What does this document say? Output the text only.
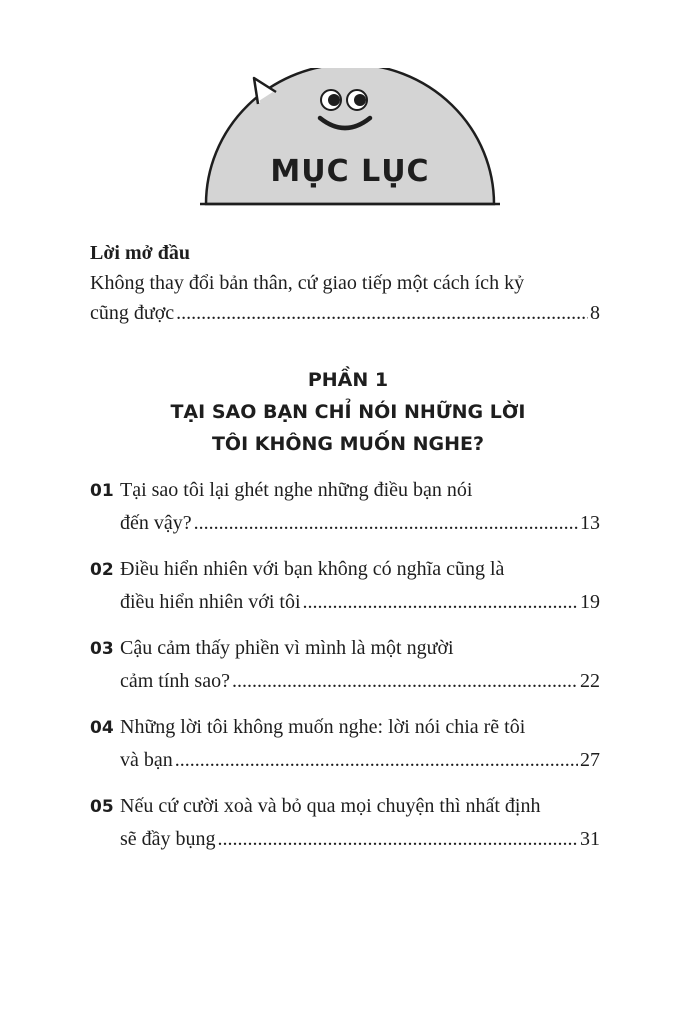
MỤC LỤC
Lời mở đầu
Không thay đổi bản thân, cứ giao tiếp một cách ích kỷ
cũng được .....	8
PHẦN 1
TẠI SAO BẠN CHỈ NÓI NHỮNG LỜI
TÔI KHÔNG MUỐN NGHE?
01 Tại sao tôi lại ghét nghe những điều bạn nói
đến vậy? .....	13
02 Điều hiển nhiên với bạn không có nghĩa cũng là
điều hiển nhiên với tôi .....	19
03 Cậu cảm thấy phiền vì mình là một người
cảm tính sao? .....	22
04 Những lời tôi không muốn nghe: lời nói chia rẽ tôi
và bạn .....	27
05 Nếu cứ cười xoà và bỏ qua mọi chuyện thì nhất định
sẽ đầy bụng .....	31
